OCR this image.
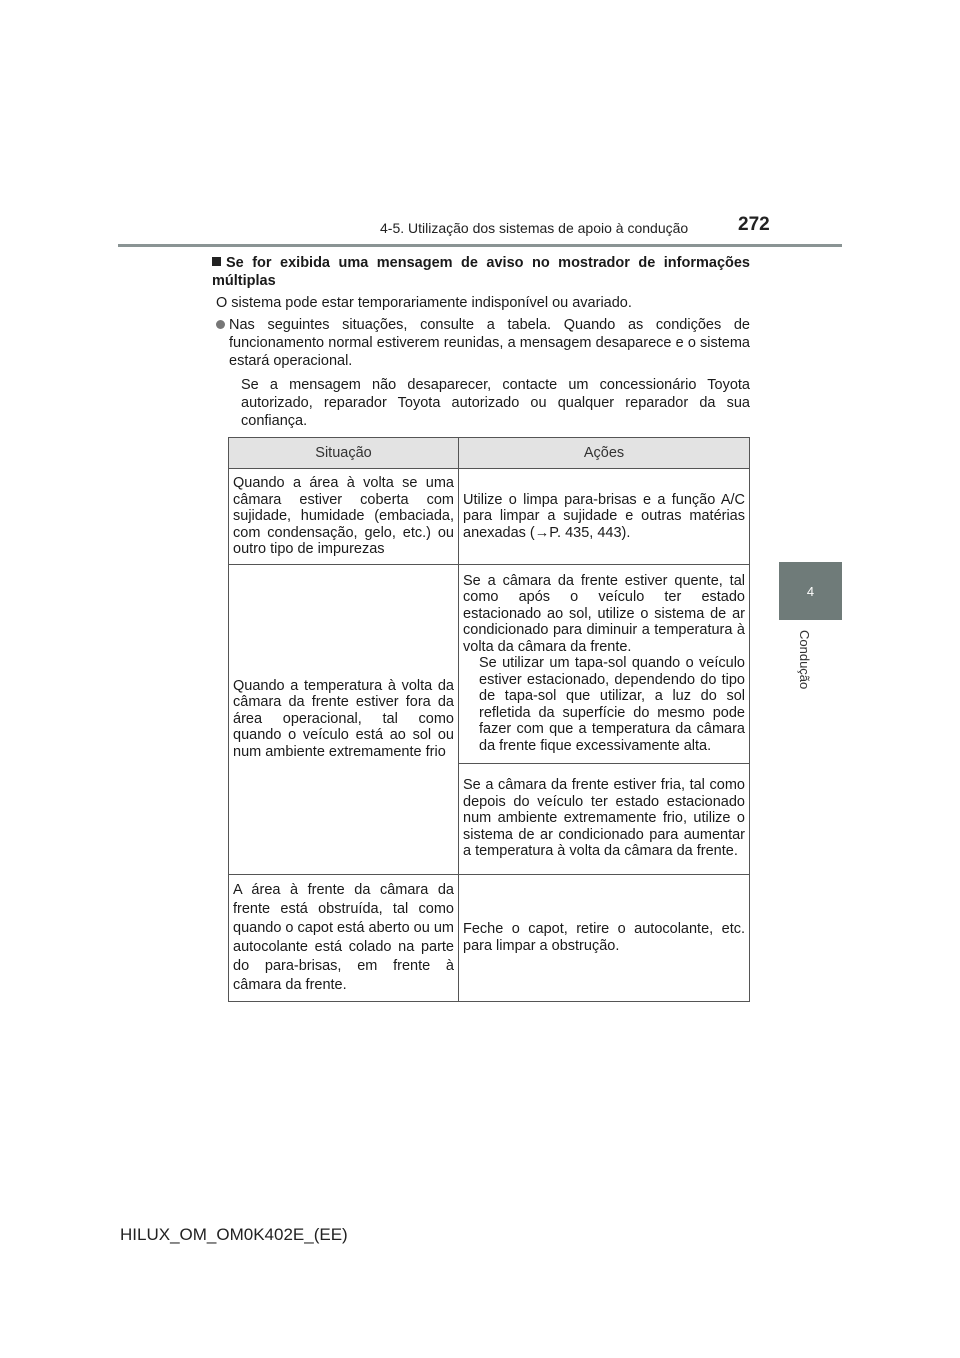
4-5. Utilização dos sistemas de apoio à condução	272
4
Condução
Se for exibida uma mensagem de aviso no mostrador de informações múltiplas
O sistema pode estar temporariamente indisponível ou avariado.
Nas seguintes situações, consulte a tabela. Quando as condições de funcionamento normal estiverem reunidas, a mensagem desaparece e o sistema estará operacional.
Se a mensagem não desaparecer, contacte um concessionário Toyota autorizado, reparador Toyota autorizado ou qualquer reparador da sua confiança.
Situação	Ações
Quando a área à volta se uma câmara estiver coberta com sujidade, humidade (embaciada, com condensação, gelo, etc.) ou outro tipo de impurezas	Utilize o limpa para-brisas e a função A/C para limpar a sujidade e outras matérias anexadas (→P. 435, 443).
Quando a temperatura à volta da câmara da frente estiver fora da área operacional, tal como quando o veículo está ao sol ou num ambiente extremamente frio	Se a câmara da frente estiver quente, tal como após o veículo ter estado estacionado ao sol, utilize o sistema de ar condicionado para diminuir a temperatura à volta da câmara da frente.
Se utilizar um tapa-sol quando o veículo estiver estacionado, dependendo do tipo de tapa-sol que utilizar, a luz do sol refletida da superfície do mesmo pode fazer com que a temperatura da câmara da frente fique excessivamente alta.

	Se a câmara da frente estiver fria, tal como depois do veículo ter estado estacionado num ambiente extremamente frio, utilize o sistema de ar condicionado para aumentar a temperatura à volta da câmara da frente.
A área à frente da câmara da frente está obstruída, tal como quando o capot está aberto ou um autocolante está colado na parte do para-brisas, em frente à câmara da frente.	Feche o capot, retire o autocolante, etc. para limpar a obstrução.
HILUX_OM_OM0K402E_(EE)
